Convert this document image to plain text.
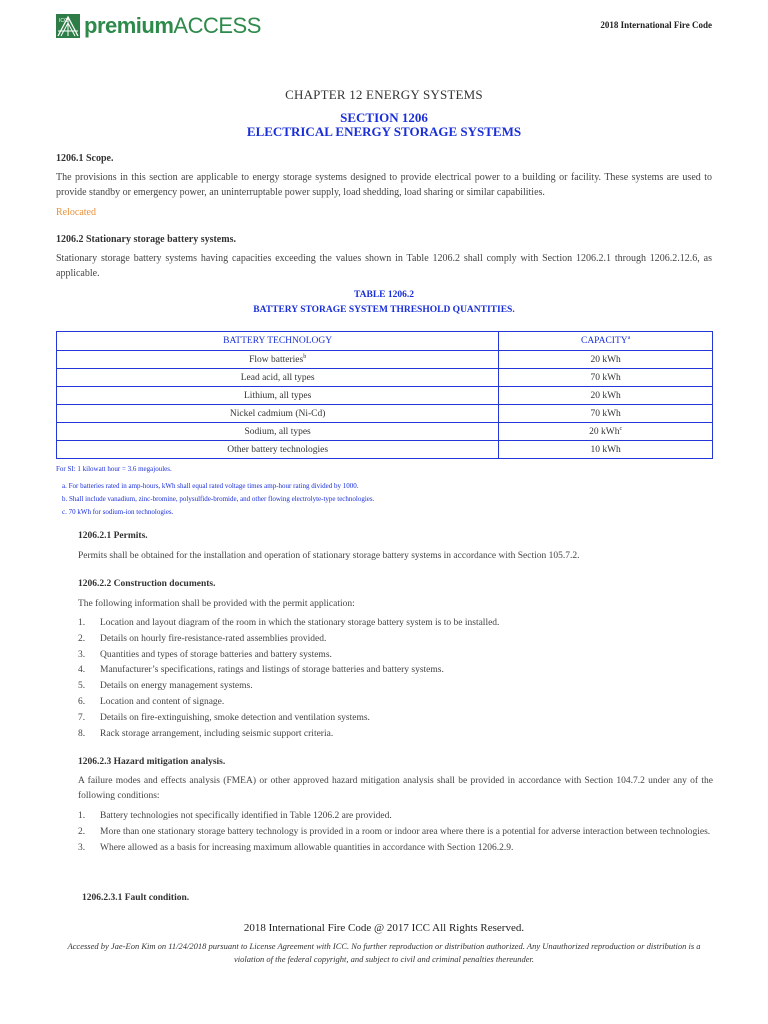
ICC premiumACCESS	2018 International Fire Code
CHAPTER 12 ENERGY SYSTEMS
SECTION 1206
ELECTRICAL ENERGY STORAGE SYSTEMS
1206.1 Scope.
The provisions in this section are applicable to energy storage systems designed to provide electrical power to a building or facility. These systems are used to provide standby or emergency power, an uninterruptable power supply, load shedding, load sharing or similar capabilities.
Relocated
1206.2 Stationary storage battery systems.
Stationary storage battery systems having capacities exceeding the values shown in Table 1206.2 shall comply with Section 1206.2.1 through 1206.2.12.6, as applicable.
TABLE 1206.2
BATTERY STORAGE SYSTEM THRESHOLD QUANTITIES.
BATTERY TECHNOLOGY	CAPACITY$^a$
Flow batteries$^b$	20 kWh
Lead acid, all types	70 kWh
Lithium, all types	20 kWh
Nickel cadmium (Ni-Cd)	70 kWh
Sodium, all types	20 kWh$^c$
Other battery technologies	10 kWh
For SI: 1 kilowatt hour = 3.6 megajoules.
a. For batteries rated in amp-hours, kWh shall equal rated voltage times amp-hour rating divided by 1000.
b. Shall include vanadium, zinc-bromine, polysulfide-bromide, and other flowing electrolyte-type technologies.
c. 70 kWh for sodium-ion technologies.
1206.2.1 Permits.
Permits shall be obtained for the installation and operation of stationary storage battery systems in accordance with Section 105.7.2.
1206.2.2 Construction documents.
The following information shall be provided with the permit application:
1. Location and layout diagram of the room in which the stationary storage battery system is to be installed.
2. Details on hourly fire-resistance-rated assemblies provided.
3. Quantities and types of storage batteries and battery systems.
4. Manufacturer’s specifications, ratings and listings of storage batteries and battery systems.
5. Details on energy management systems.
6. Location and content of signage.
7. Details on fire-extinguishing, smoke detection and ventilation systems.
8. Rack storage arrangement, including seismic support criteria.
1206.2.3 Hazard mitigation analysis.
A failure modes and effects analysis (FMEA) or other approved hazard mitigation analysis shall be provided in accordance with Section 104.7.2 under any of the following conditions:
1. Battery technologies not specifically identified in Table 1206.2 are provided.
2. More than one stationary storage battery technology is provided in a room or indoor area where there is a potential for adverse interaction between technologies.
3. Where allowed as a basis for increasing maximum allowable quantities in accordance with Section 1206.2.9.
1206.2.3.1 Fault condition.
2018 International Fire Code @ 2017 ICC All Rights Reserved.
Accessed by Jae-Eon Kim on 11/24/2018 pursuant to License Agreement with ICC. No further reproduction or distribution authorized. Any Unauthorized reproduction or distribution is a violation of the federal copyright, and subject to civil and criminal penalties thereunder.
